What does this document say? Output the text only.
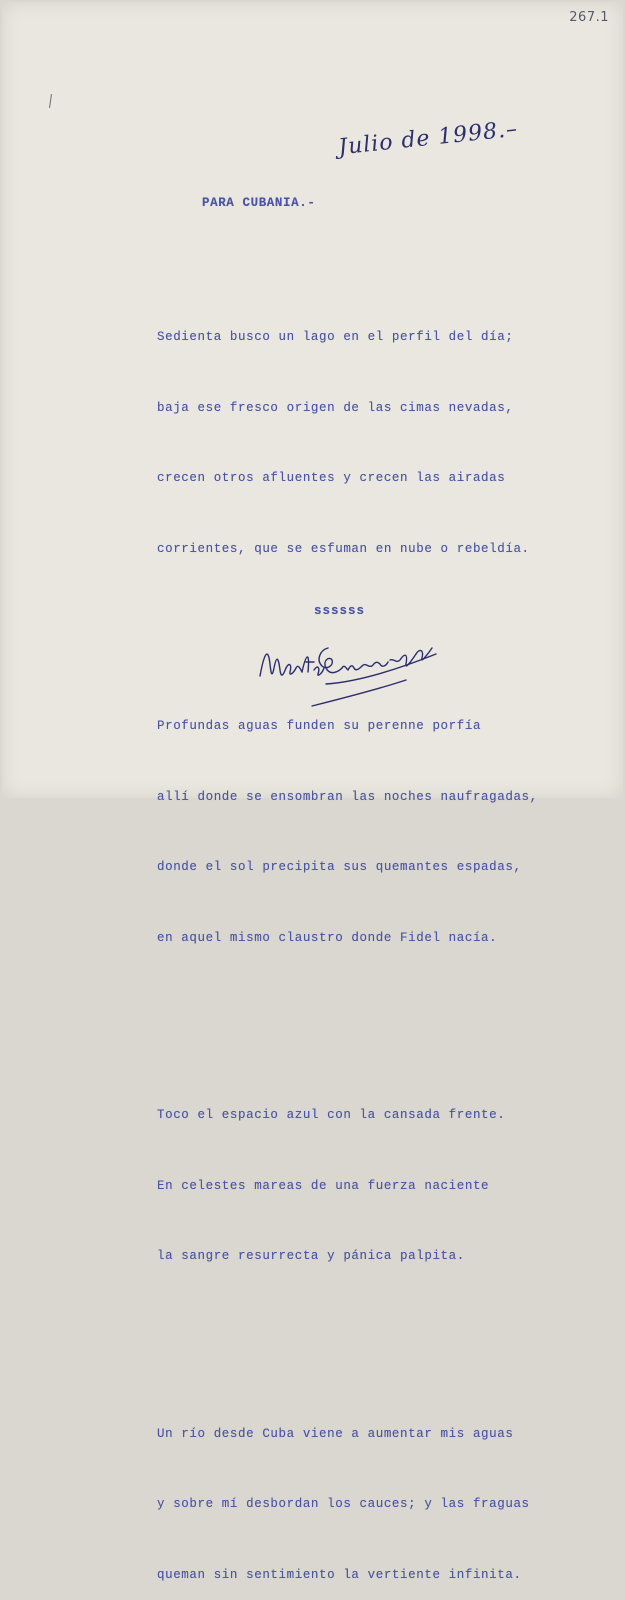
267.1
Julio de 1998.–
PARA CUBANIA.-

Sedienta busco un lago en el perfil del día;

baja ese fresco origen de las cimas nevadas,

crecen otros afluentes y crecen las airadas

corrientes, que se esfuman en nube o rebeldía.

Profundas aguas funden su perenne porfía

allí donde se ensombran las noches naufragadas,

donde el sol precipita sus quemantes espadas,

en aquel mismo claustro donde Fidel nacía.

Toco el espacio azul con la cansada frente.

En celestes mareas de una fuerza naciente

la sangre resurrecta y pánica palpita.

Un río desde Cuba viene a aumentar mis aguas

y sobre mí desbordan los cauces; y las fraguas

queman sin sentimiento la vertiente infinita.

ssssss
